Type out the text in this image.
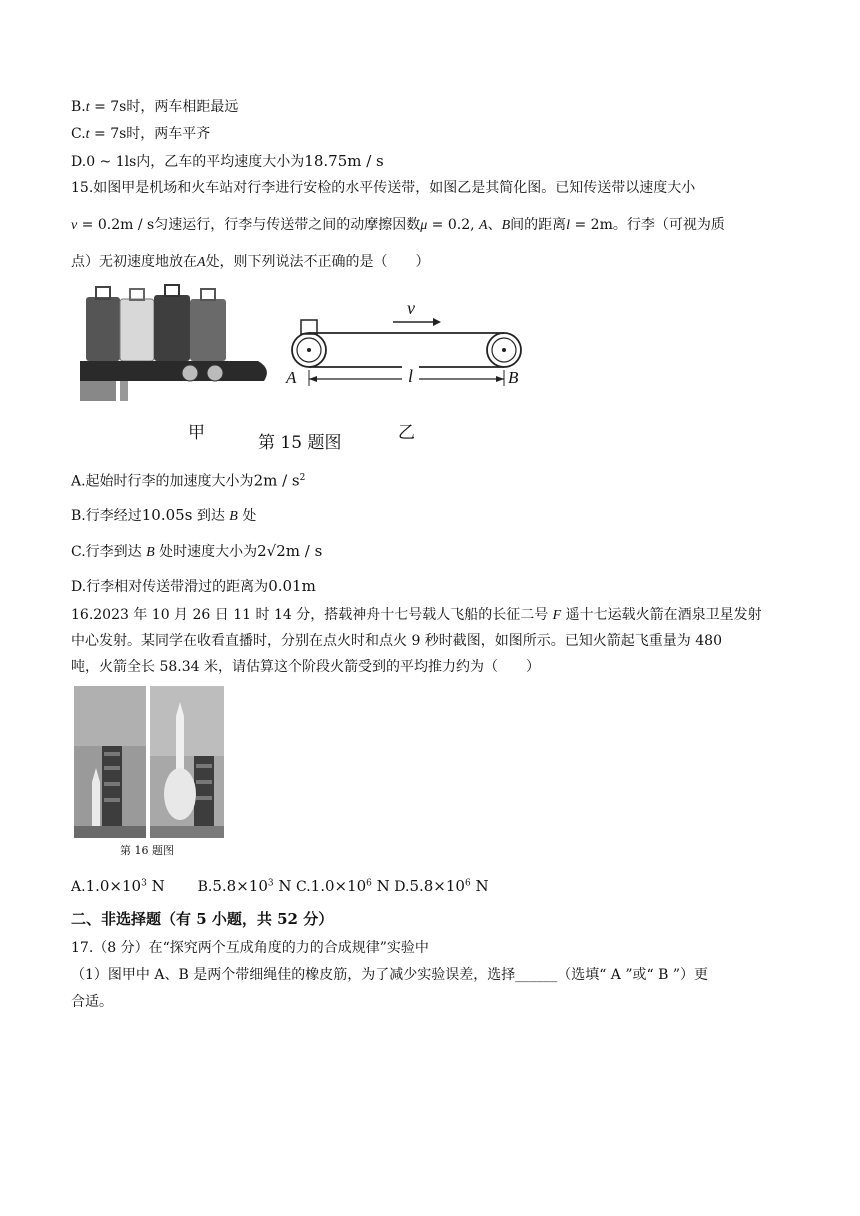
B.t = 7s时，两车相距最远
C.t = 7s时，两车平齐
D.0 ~ 1ls内，乙车的平均速度大小为18.75m / s
15.如图甲是机场和火车站对行李进行安检的水平传送带，如图乙是其简化图。已知传送带以速度大小
v = 0.2m / s匀速运行，行李与传送带之间的动摩擦因数μ = 0.2, A、B间的距离l = 2m。行李（可视为质
点）无初速度地放在A处，则下列说法不正确的是（　　）
甲	第 15 题图	乙
v
A	B
l
A.起始时行李的加速度大小为$2m / s^2$
B.行李经过10.05s 到达 B 处
C.行李到达 B 处时速度大小为2√2m / s
D.行李相对传送带滑过的距离为0.01m
16.2023 年 10 月 26 日 11 时 14 分，搭载神舟十七号载人飞船的长征二号 F 遥十七运载火箭在酒泉卫星发射
中心发射。某同学在收看直播时，分别在点火时和点火 9 秒时截图，如图所示。已知火箭起飞重量为 480
吨，火箭全长 58.34 米，请估算这个阶段火箭受到的平均推力约为（　　）
第 16 题图
$A.1.0\times 10^3$ N $B.5.8\times 10^3$ N $C.1.0\times 10^6$ N $D.5.8\times 10^6$ N
二、非选择题（有 5 小题，共 52 分）
17.（8 分）在“探究两个互成角度的力的合成规律”实验中
（1）图甲中 A、B 是两个带细绳佳的橡皮筋，为了减少实验误差，选择______（选填“ A ”或“ B ”）更
合适。
